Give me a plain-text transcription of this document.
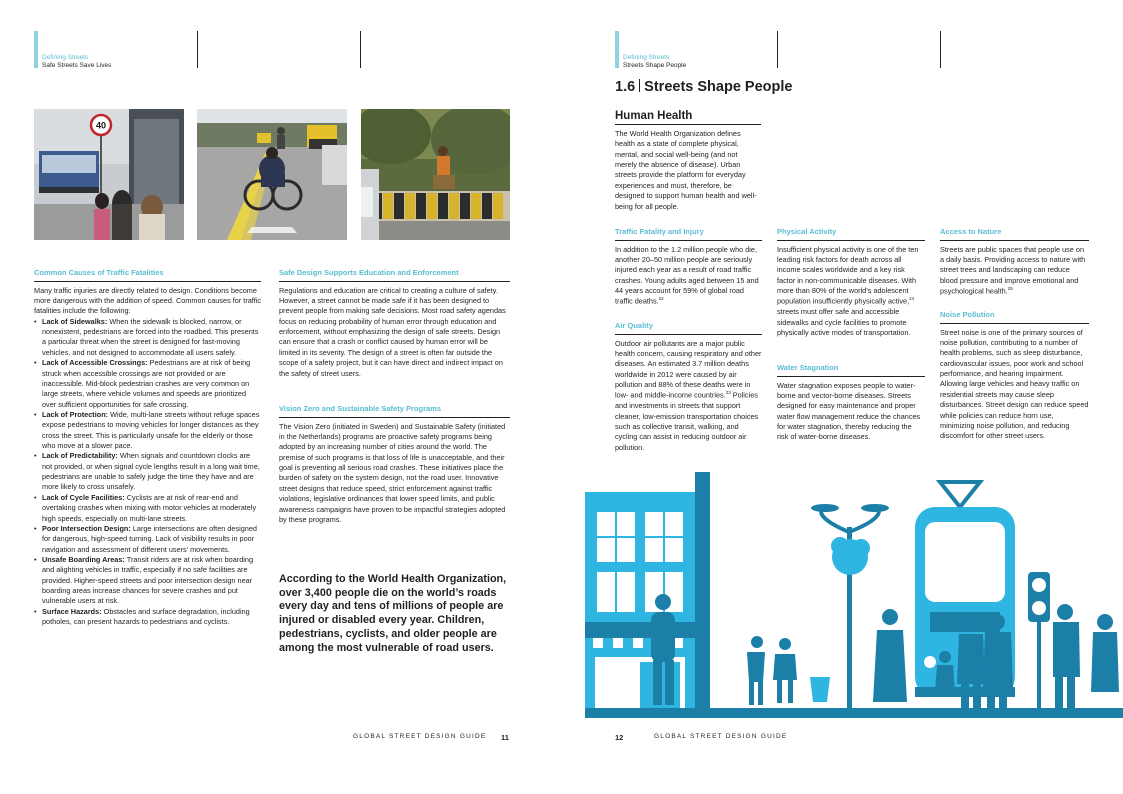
Defining Streets
Safe Streets Save Lives
40
Common Causes of Traffic Fatalities

Many traffic injuries are directly related to design. Conditions become more dangerous with the addition of speed. Common causes for traffic fatalities include the following:

• Lack of Sidewalks: When the sidewalk is blocked, narrow, or nonexistent, pedestrians are forced into the roadbed. This presents a particular threat when the street is designed for fast-moving vehicles, and not designed to accommodate all users safely.
• Lack of Accessible Crossings: Pedestrians are at risk of being struck when accessible crossings are not provided or are inaccessible. Mid-block pedestrian crashes are very common on large streets, where vehicle volumes and speeds are prioritized over sufficient opportunities for safe crossing.
• Lack of Protection: Wide, multi-lane streets without refuge spaces expose pedestrians to moving vehicles for longer distances as they cross the street. This is particularly unsafe for the elderly or those who move at a slower pace.
• Lack of Predictability: When signals and countdown clocks are not provided, or when signal cycle lengths result in a long wait time, pedestrians are unable to safely judge the time they have and are more likely to cross unsafely.
• Lack of Cycle Facilities: Cyclists are at risk of rear-end and overtaking crashes when mixing with motor vehicles at moderately high speeds, especially on multi-lane streets.
• Poor Intersection Design: Large intersections are often designed for dangerous, high-speed turning. Lack of visibility results in poor navigation and assessment of different users' movements.
• Unsafe Boarding Areas: Transit riders are at risk when boarding and alighting vehicles in traffic, especially if no safe facilities are provided. Higher-speed streets and poor intersection design near boarding areas increase chances for severe crashes and put vulnerable users at risk.
• Surface Hazards: Obstacles and surface degradation, including potholes, can present hazards to pedestrians and cyclists.
Safe Design Supports Education and Enforcement

Regulations and education are critical to creating a culture of safety. However, a street cannot be made safe if it has been designed to prevent people from making safe decisions. Most road safety agendas focus on reducing probability of human error through education and enforcement, without emphasizing the design of safe streets. Design can ensure that a crash or conflict caused by human error will be limited in its severity. The design of a street is often far outside the scope of a safety project, but it can have direct and indirect impact on the safety of street users.

Vision Zero and Sustainable Safety Programs

The Vision Zero (initiated in Sweden) and Sustainable Safety (initiated in the Netherlands) programs are proactive safety programs being adopted by an increasing number of cities around the world. The premise of such programs is that loss of life is unacceptable, and their goal is preventing all serious road crashes. These initiatives place the burden of safety on the system design, not the road user. Innovative street designs that reduce speed, strict enforcement against traffic violations, legislative ordinances that lower speed limits, and public awareness campaigns have proven to be impactful strategies adopted by these programs.

According to the World Health Organization, over 3,400 people die on the world’s roads every day and tens of millions of people are injured or disabled every year. Children, pedestrians, cyclists, and older people are among the most vulnerable of road users.
GLOBAL STREET DESIGN GUIDE 11
Defining Streets
Streets Shape People
1.6 Streets Shape People
Human Health
The World Health Organization defines health as a state of complete physical, mental, and social well-being (and not merely the absence of disease). Urban streets provide the platform for everyday experiences and must, therefore, be designed to support human health and well-being for all people.
Traffic Fatality and Injury

In addition to the 1.2 million people who die, another 20–50 million people are seriously injured each year as a result of road traffic crashes. Young adults aged between 15 and 44 years account for 59% of global road traffic deaths.$^{22}$

Air Quality

Outdoor air pollutants are a major public health concern, causing respiratory and other diseases. An estimated 3.7 million deaths worldwide in 2012 were caused by air pollution and 88% of these deaths were in low- and middle-income countries.$^{23}$ Policies and investments in streets that support cleaner, low-emission transportation choices such as collective transit, walking, and cycling can assist in reducing outdoor air pollution.

Physical Activity

Insufficient physical activity is one of the ten leading risk factors for death across all income scales worldwide and a key risk factor in non-communicable diseases. With more than 80% of the world’s adolescent population insufficiently physically active,$^{24}$ streets must offer safe and accessible sidewalks and cycle facilities to promote physically active modes of transportation.

Water Stagnation

Water stagnation exposes people to water-borne and vector-borne diseases. Streets designed for easy maintenance and proper water flow management reduce the chances for water stagnation, thereby reducing the risk of water-borne diseases.

Access to Nature

Streets are public spaces that people use on a daily basis. Providing access to nature with street trees and landscaping can reduce blood pressure and improve emotional and psychological health.$^{25}$

Noise Pollution

Street noise is one of the primary sources of noise pollution, contributing to a number of health problems, such as sleep disturbance, cardiovascular issues, poor work and school performance, and hearing impairment. Allowing large vehicles and heavy traffic on residential streets may cause sleep disturbances. Street design can reduce speed while policies can reduce horn use, minimizing noise pollution, and reducing discomfort for other street users.

12	GLOBAL STREET DESIGN GUIDE
